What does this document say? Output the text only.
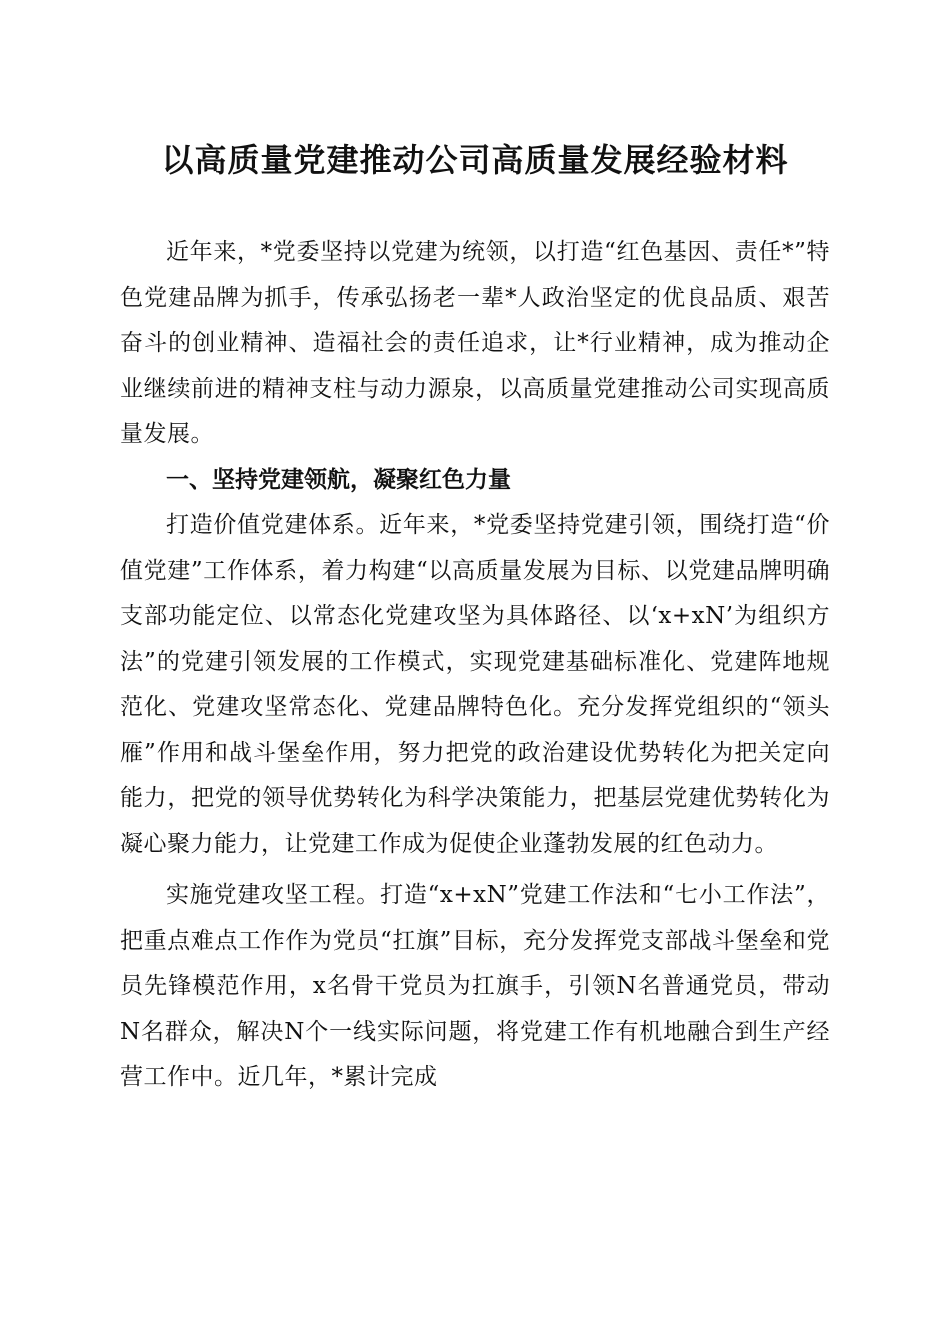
以高质量党建推动公司高质量发展经验材料

近年来，*党委坚持以党建为统领，以打造“红色基因、责任*”特色党建品牌为抓手，传承弘扬老一辈*人政治坚定的优良品质、艰苦奋斗的创业精神、造福社会的责任追求，让*行业精神，成为推动企业继续前进的精神支柱与动力源泉，以高质量党建推动公司实现高质量发展。

一、坚持党建领航，凝聚红色力量

打造价值党建体系。近年来，*党委坚持党建引领，围绕打造“价值党建”工作体系，着力构建“以高质量发展为目标、以党建品牌明确支部功能定位、以常态化党建攻坚为具体路径、以‘x+xN’为组织方法”的党建引领发展的工作模式，实现党建基础标准化、党建阵地规范化、党建攻坚常态化、党建品牌特色化。充分发挥党组织的“领头雁”作用和战斗堡垒作用，努力把党的政治建设优势转化为把关定向能力，把党的领导优势转化为科学决策能力，把基层党建优势转化为凝心聚力能力，让党建工作成为促使企业蓬勃发展的红色动力。

实施党建攻坚工程。打造“x+xN”党建工作法和“七小工作法”，把重点难点工作作为党员“扛旗”目标，充分发挥党支部战斗堡垒和党员先锋模范作用，x名骨干党员为扛旗手，引领N名普通党员，带动N名群众，解决N个一线实际问题，将党建工作有机地融合到生产经营工作中。近几年，*累计完成
